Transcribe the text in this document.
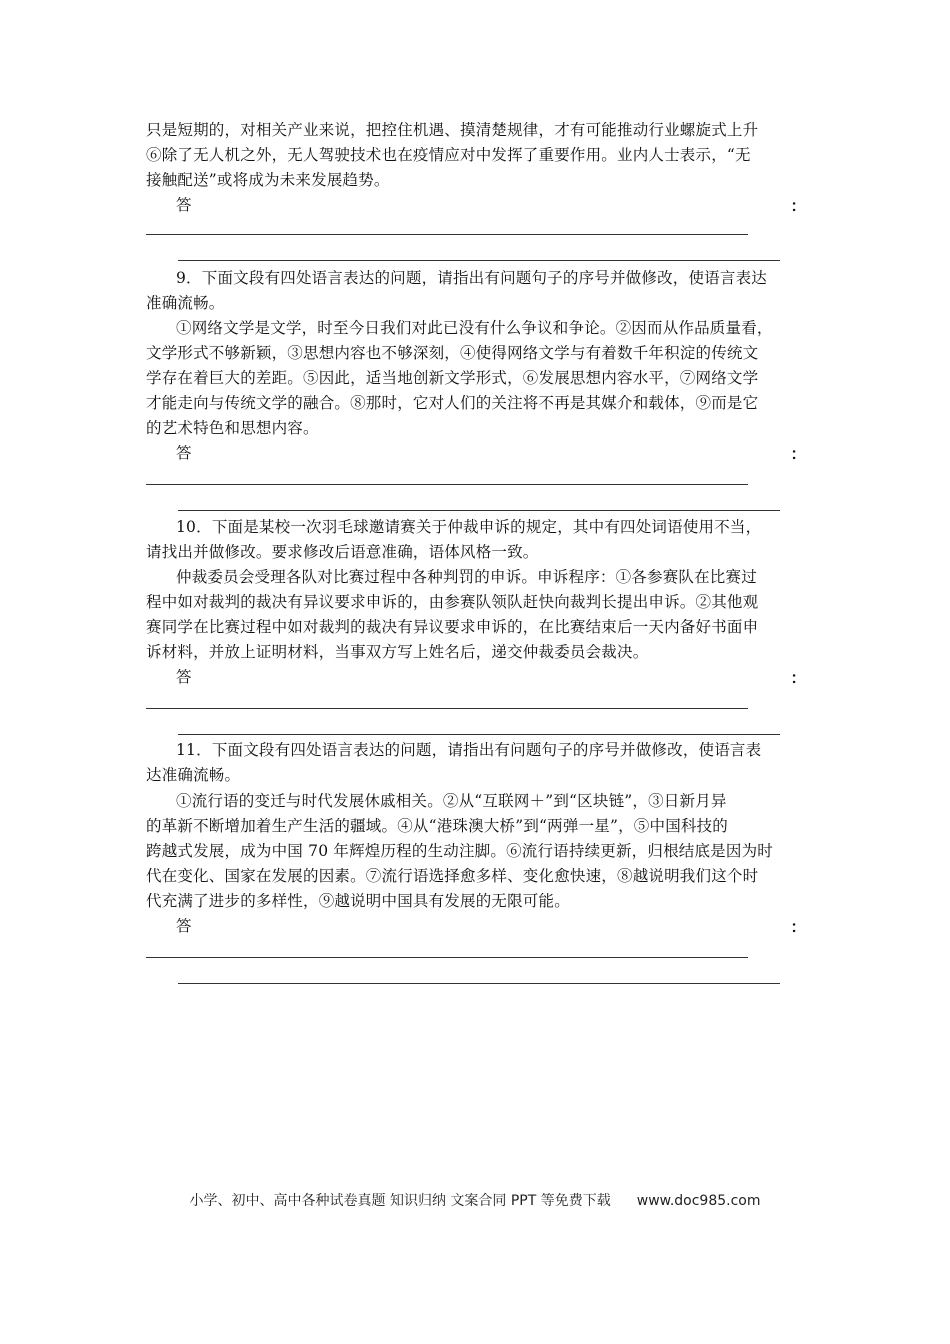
只是短期的，对相关产业来说，把控住机遇、摸清楚规律，才有可能推动行业螺旋式上升
⑥除了无人机之外，无人驾驶技术也在疫情应对中发挥了重要作用。业内人士表示，“无
接触配送”或将成为未来发展趋势。
答	：
9．下面文段有四处语言表达的问题，请指出有问题句子的序号并做修改，使语言表达
准确流畅。
①网络文学是文学，时至今日我们对此已没有什么争议和争论。②因而从作品质量看，
文学形式不够新颖，③思想内容也不够深刻，④使得网络文学与有着数千年积淀的传统文
学存在着巨大的差距。⑤因此，适当地创新文学形式，⑥发展思想内容水平，⑦网络文学
才能走向与传统文学的融合。⑧那时，它对人们的关注将不再是其媒介和载体，⑨而是它
的艺术特色和思想内容。
答	：
10．下面是某校一次羽毛球邀请赛关于仲裁申诉的规定，其中有四处词语使用不当，
请找出并做修改。要求修改后语意准确，语体风格一致。
仲裁委员会受理各队对比赛过程中各种判罚的申诉。申诉程序：①各参赛队在比赛过
程中如对裁判的裁决有异议要求申诉的，由参赛队领队赶快向裁判长提出申诉。②其他观
赛同学在比赛过程中如对裁判的裁决有异议要求申诉的，在比赛结束后一天内备好书面申
诉材料，并放上证明材料，当事双方写上姓名后，递交仲裁委员会裁决。
答	：
11．下面文段有四处语言表达的问题，请指出有问题句子的序号并做修改，使语言表
达准确流畅。
①流行语的变迁与时代发展休戚相关。②从“互联网＋”到“区块链”，③日新月异
的革新不断增加着生产生活的疆域。④从“港珠澳大桥”到“两弹一星”，⑤中国科技的
跨越式发展，成为中国 70 年辉煌历程的生动注脚。⑥流行语持续更新，归根结底是因为时
代在变化、国家在发展的因素。⑦流行语选择愈多样、变化愈快速，⑧越说明我们这个时
代充满了进步的多样性，⑨越说明中国具有发展的无限可能。
答	：
小学、初中、高中各种试卷真题 知识归纳 文案合同 PPT 等免费下载 www.doc985.com
